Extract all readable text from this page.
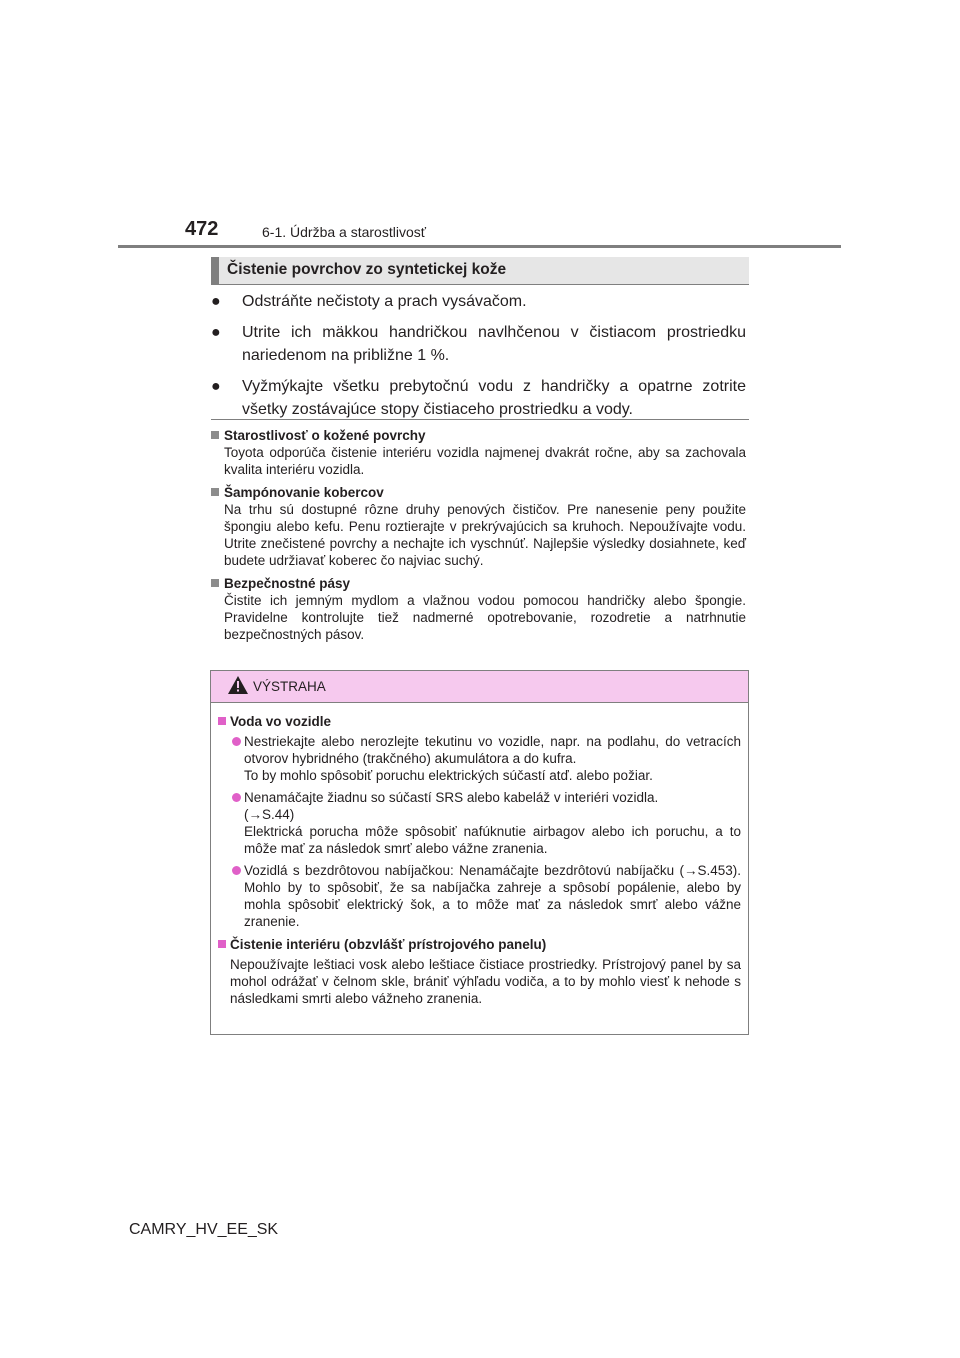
472	6-1. Údržba a starostlivosť
Čistenie povrchov zo syntetickej kože
● Odstráňte nečistoty a prach vysávačom.
● Utrite ich mäkkou handričkou navlhčenou v čistiacom prostriedku nariedenom na približne 1 %.
● Vyžmýkajte všetku prebytočnú vodu z handričky a opatrne zotrite všetky zostávajúce stopy čistiaceho prostriedku a vody.
Starostlivosť o kožené povrchy
Toyota odporúča čistenie interiéru vozidla najmenej dvakrát ročne, aby sa zachovala kvalita interiéru vozidla.
Šampónovanie kobercov
Na trhu sú dostupné rôzne druhy penových čističov. Pre nanesenie peny použite špongiu alebo kefu. Penu roztierajte v prekrývajúcich sa kruhoch. Nepoužívajte vodu. Utrite znečistené povrchy a nechajte ich vyschnúť. Najlepšie výsledky dosiahnete, keď budete udržiavať koberec čo najviac suchý.
Bezpečnostné pásy
Čistite ich jemným mydlom a vlažnou vodou pomocou handričky alebo špongie. Pravidelne kontrolujte tiež nadmerné opotrebovanie, rozodretie a natrhnutie bezpečnostných pásov.
VÝSTRAHA
Voda vo vozidle
Nestriekajte alebo nerozlejte tekutinu vo vozidle, napr. na podlahu, do vetracích otvorov hybridného (trakčného) akumulátora a do kufra.
To by mohlo spôsobiť poruchu elektrických súčastí atď. alebo požiar.
Nenamáčajte žiadnu so súčastí SRS alebo kabeláž v interiéri vozidla.
(→S.44)
Elektrická porucha môže spôsobiť nafúknutie airbagov alebo ich poruchu, a to môže mať za následok smrť alebo vážne zranenia.
Vozidlá s bezdrôtovou nabíjačkou: Nenamáčajte bezdrôtovú nabíjačku (→S.453). Mohlo by to spôsobiť, že sa nabíjačka zahreje a spôsobí popálenie, alebo by mohla spôsobiť elektrický šok, a to môže mať za následok smrť alebo vážne zranenie.
Čistenie interiéru (obzvlášť prístrojového panelu)
Nepoužívajte leštiaci vosk alebo leštiace čistiace prostriedky. Prístrojový panel by sa mohol odrážať v čelnom skle, brániť výhľadu vodiča, a to by mohlo viesť k nehode s následkami smrti alebo vážneho zranenia.
CAMRY_HV_EE_SK
